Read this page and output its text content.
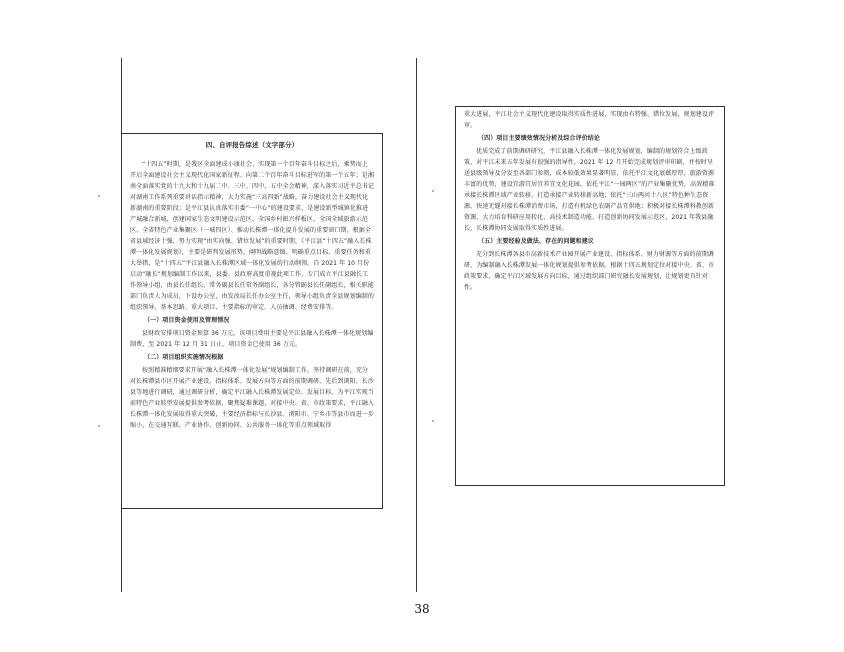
四、自评报告综述（文字部分）

“十四五”时期，是我区全面建成小康社会、实现第一个百年奋斗目标之后，乘势而上开启全面建设社会主义现代化国家新征程、向第二个百年奋斗目标进军的第一个五年；是湘南全面落实党的十九大和十九届二中、三中、四中、五中全会精神，深入落实习近平总书记对湖南工作系列重要讲话指示精神，大力实施“三高四新”战略，奋力建设社会主义现代化新湖南的重要阶段；是平江县认真落实市委“一中心”的建设要求，是建设新型城镇化推进产城融合新城，创建国家生态文明建设示范区、全国乡村振兴样板区、全国全域旅游示范区、全省特色产业集聚区（一城四区）、推动长株潭一体化提升发展的重要窗口期。根据全省县域经济十强，努力实现“由实向强、错位发展”的重要时期，《平江县“十四五”融入长株潭一体化发展规划》，主要是研判发展形势、阐明战略意图、明确重点目标、重要任务和重大举措，是“十四五”平江县融入长株潭区域一体化发展的行动纲领。自 2021 年 10 月份启动“融长”规划编制工作以来，县委、县政府高度重视此项工作，专门成立平江县融长工作领导小组，由县长任组长，常务副县长任常务副组长，各分管副县长任副组长，相关职能部门负责人为成员，下设办公室，由发改局长任办公室主任，领导小组负责全县规划编制的组织领导、基本思路、重大项目、主要指标的审定、人员抽调、经费安排等。

（一）项目资金使用及管理情况

县财政安排项目资金预算 36 万元，该项目费用主要是平江县融入长株潭一体化规划编制费，至 2021 年 12 月 31 日止，项目资金已使用 36 万元。

（二）项目组织实施情况根据

按照精准精细要求开展“融入长株潭一体化发展”规划编制工作，坚持调研在前，充分对长株潭县市区开展产业建设、指标体系、发展方向等方面的前期调研，先后到浏阳、长沙县等地进行调研，通过调研分析，确定平江融入长株潭发展定位、发展目标，为平江实现当前特色产业转型发展提供参考依据，聚焦疑难课题，对接中央、省、市政策要求，平江融入长株潭一体化发展取得重大突破，主要经济指标与长沙县、浏阳市、宁乡市等县市而进一步缩小，在交通互联、产业协作、创新协同、公共服务一体化等重点领域取得

重大进展，平江社会主义现代化建设取得实质性进展，实现由有特强、错位发展，规划建设评审。

（四）项目主要绩效情况分析及综合评价结论

优质完成了前期调研研究，平江县融入长株潭一体化发展规划，编制的规划符合上级政策，对平江未来五年发展有很强的指导性。2021 年 12 月开始完成规划评审印刷，并按时呈送县级领导及分发至各部门参阅，成本较低效果显著明显，依托平江文化底蕴厚厚，旅游资源丰富的优势，建设宜游宜居宜养宜文化花园，依托平江“一园两区”的产业集聚优势，高效精准承接长株潭区域产业转移，打造承接产业转移新高地；依托“三山两河十八区”特色种生态资源，快速无缝对接长株潭消费市场，打造有机绿色农副产品宜供地；积极对接长株潭科教创新资源，大力培育科研应用转化，高技术制造功能，打造创新协同发展示范区，2021 年我县融长、长株潭协同发展取得实质性进展。

（五）主要经验及做法、存在的问题和建议

充分到长株潭各县市高新技术产业园开展产业建设、指标体系、财力财源等方面的前期调研，为编制融入长株潭发展一体化规划提供参考依据。根据十四五规划定位对接中央、省、市政策要求，确定平江区域发展方向目标，通过组织部门研究融长发展规划，让规划更具针对性。

38
